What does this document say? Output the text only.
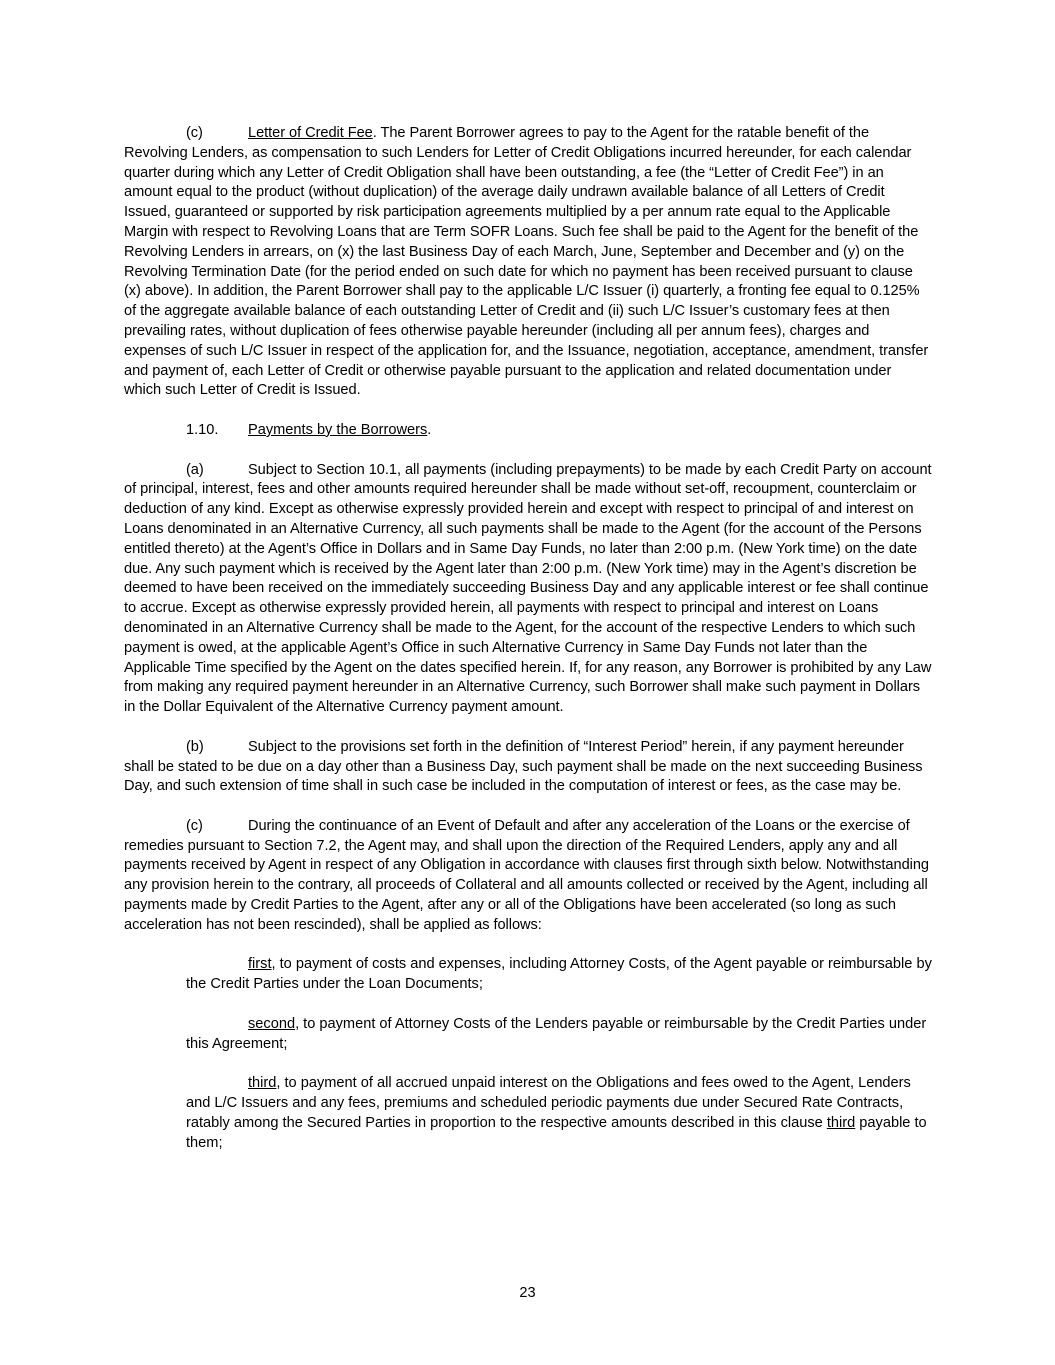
(c)	Letter of Credit Fee. The Parent Borrower agrees to pay to the Agent for the ratable benefit of the Revolving Lenders, as compensation to such Lenders for Letter of Credit Obligations incurred hereunder, for each calendar quarter during which any Letter of Credit Obligation shall have been outstanding, a fee (the “Letter of Credit Fee”) in an amount equal to the product (without duplication) of the average daily undrawn available balance of all Letters of Credit Issued, guaranteed or supported by risk participation agreements multiplied by a per annum rate equal to the Applicable Margin with respect to Revolving Loans that are Term SOFR Loans. Such fee shall be paid to the Agent for the benefit of the Revolving Lenders in arrears, on (x) the last Business Day of each March, June, September and December and (y) on the Revolving Termination Date (for the period ended on such date for which no payment has been received pursuant to clause (x) above). In addition, the Parent Borrower shall pay to the applicable L/C Issuer (i) quarterly, a fronting fee equal to 0.125% of the aggregate available balance of each outstanding Letter of Credit and (ii) such L/C Issuer’s customary fees at then prevailing rates, without duplication of fees otherwise payable hereunder (including all per annum fees), charges and expenses of such L/C Issuer in respect of the application for, and the Issuance, negotiation, acceptance, amendment, transfer and payment of, each Letter of Credit or otherwise payable pursuant to the application and related documentation under which such Letter of Credit is Issued.

1.10. Payments by the Borrowers.

(a)	Subject to Section 10.1, all payments (including prepayments) to be made by each Credit Party on account of principal, interest, fees and other amounts required hereunder shall be made without set-off, recoupment, counterclaim or deduction of any kind. Except as otherwise expressly provided herein and except with respect to principal of and interest on Loans denominated in an Alternative Currency, all such payments shall be made to the Agent (for the account of the Persons entitled thereto) at the Agent’s Office in Dollars and in Same Day Funds, no later than 2:00 p.m. (New York time) on the date due. Any such payment which is received by the Agent later than 2:00 p.m. (New York time) may in the Agent’s discretion be deemed to have been received on the immediately succeeding Business Day and any applicable interest or fee shall continue to accrue. Except as otherwise expressly provided herein, all payments with respect to principal and interest on Loans denominated in an Alternative Currency shall be made to the Agent, for the account of the respective Lenders to which such payment is owed, at the applicable Agent’s Office in such Alternative Currency in Same Day Funds not later than the Applicable Time specified by the Agent on the dates specified herein. If, for any reason, any Borrower is prohibited by any Law from making any required payment hereunder in an Alternative Currency, such Borrower shall make such payment in Dollars in the Dollar Equivalent of the Alternative Currency payment amount.

(b)	Subject to the provisions set forth in the definition of “Interest Period” herein, if any payment hereunder shall be stated to be due on a day other than a Business Day, such payment shall be made on the next succeeding Business Day, and such extension of time shall in such case be included in the computation of interest or fees, as the case may be.

(c)	During the continuance of an Event of Default and after any acceleration of the Loans or the exercise of remedies pursuant to Section 7.2, the Agent may, and shall upon the direction of the Required Lenders, apply any and all payments received by Agent in respect of any Obligation in accordance with clauses first through sixth below. Notwithstanding any provision herein to the contrary, all proceeds of Collateral and all amounts collected or received by the Agent, including all payments made by Credit Parties to the Agent, after any or all of the Obligations have been accelerated (so long as such acceleration has not been rescinded), shall be applied as follows:

first, to payment of costs and expenses, including Attorney Costs, of the Agent payable or reimbursable by the Credit Parties under the Loan Documents;

second, to payment of Attorney Costs of the Lenders payable or reimbursable by the Credit Parties under this Agreement;

third, to payment of all accrued unpaid interest on the Obligations and fees owed to the Agent, Lenders and L/C Issuers and any fees, premiums and scheduled periodic payments due under Secured Rate Contracts, ratably among the Secured Parties in proportion to the respective amounts described in this clause third payable to them;

23
